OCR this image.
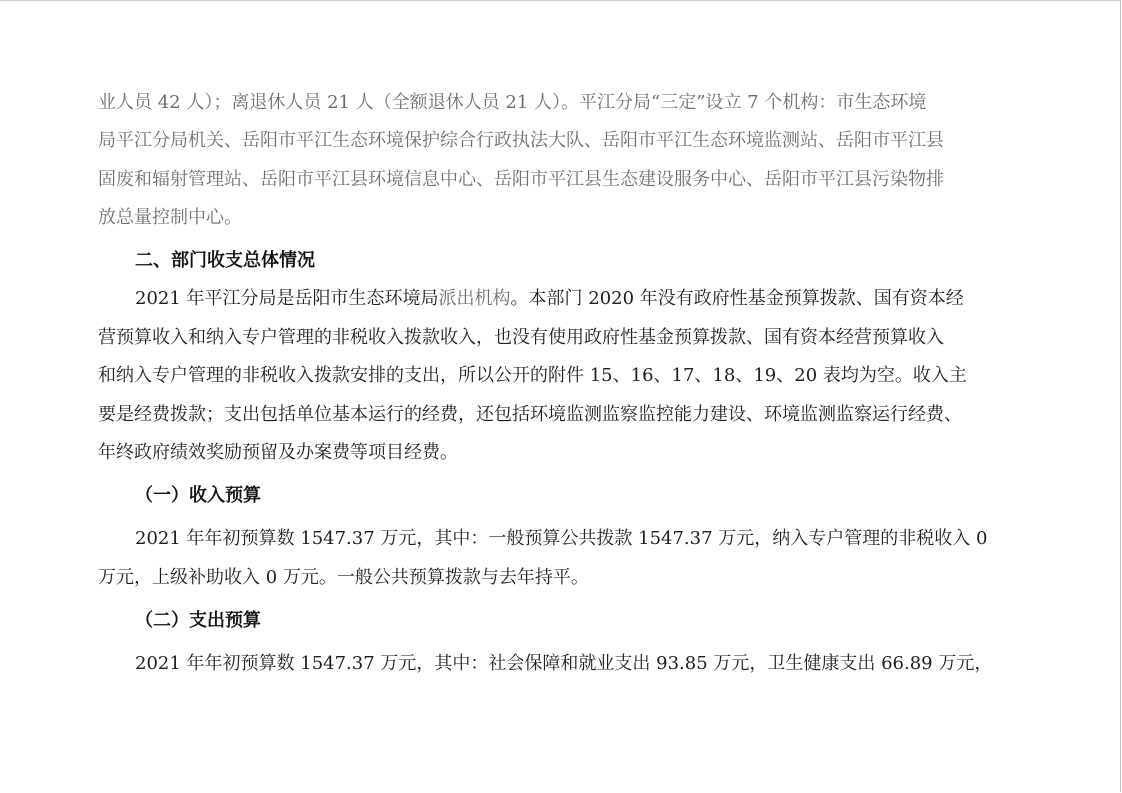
业人员 42 人）；离退休人员 21 人（全额退休人员 21 人）。平江分局“三定”设立 7 个机构：市生态环境
局平江分局机关、岳阳市平江生态环境保护综合行政执法大队、岳阳市平江生态环境监测站、岳阳市平江县
固废和辐射管理站、岳阳市平江县环境信息中心、岳阳市平江县生态建设服务中心、岳阳市平江县污染物排
放总量控制中心。
二、部门收支总体情况
2021 年平江分局是岳阳市生态环境局派出机构。本部门 2020 年没有政府性基金预算拨款、国有资本经
营预算收入和纳入专户管理的非税收入拨款收入，也没有使用政府性基金预算拨款、国有资本经营预算收入
和纳入专户管理的非税收入拨款安排的支出，所以公开的附件 15、16、17、18、19、20 表均为空。收入主
要是经费拨款；支出包括单位基本运行的经费，还包括环境监测监察监控能力建设、环境监测监察运行经费、
年终政府绩效奖励预留及办案费等项目经费。
（一）收入预算
2021 年年初预算数 1547.37 万元，其中：一般预算公共拨款 1547.37 万元，纳入专户管理的非税收入 0
万元，上级补助收入 0 万元。一般公共预算拨款与去年持平。
（二）支出预算
2021 年年初预算数 1547.37 万元，其中：社会保障和就业支出 93.85 万元，卫生健康支出 66.89 万元，
